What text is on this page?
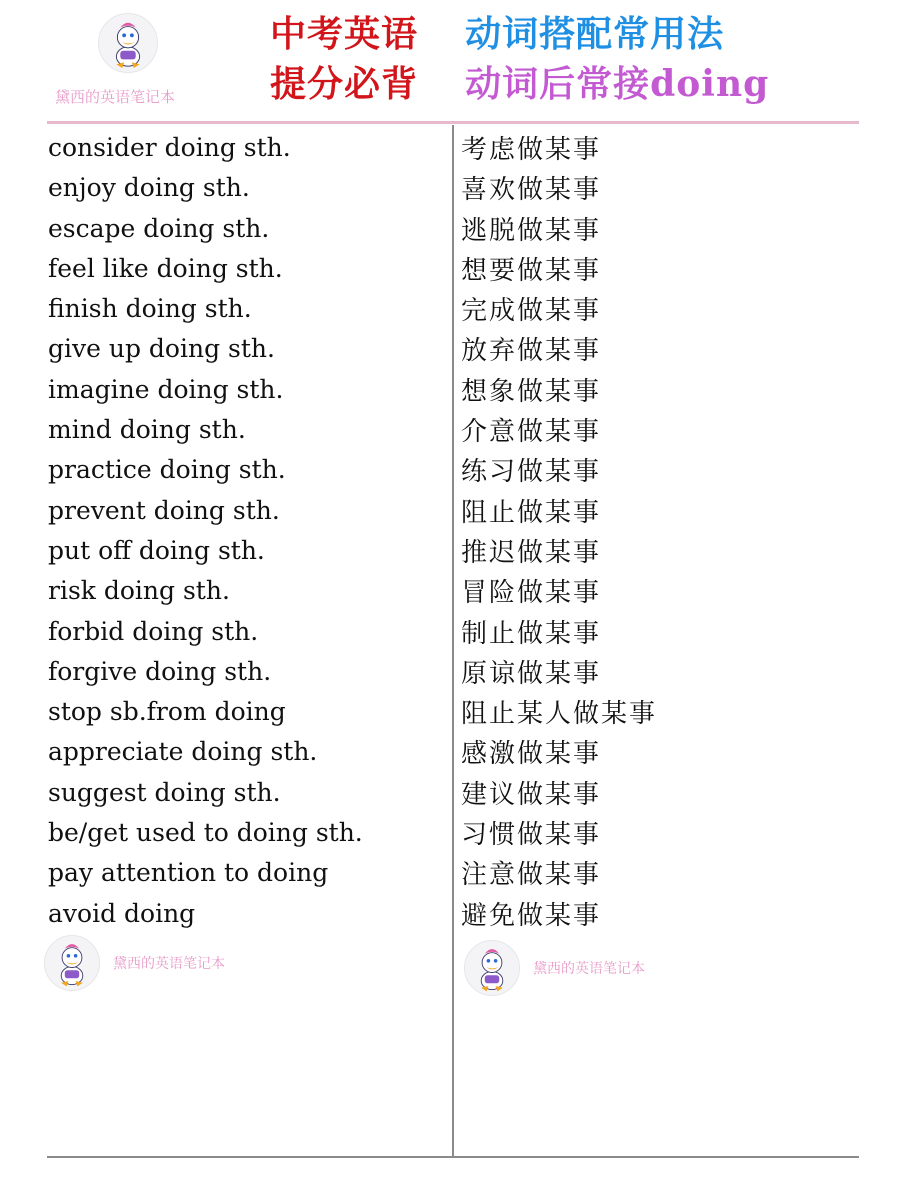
黛西的英语笔记本
中考英语 动词搭配常用法
提分必背 动词后常接doing
consider doing sth.
enjoy doing sth.
escape doing sth.
feel like doing sth.
finish doing sth.
give up doing sth.
imagine doing sth.
mind doing sth.
practice doing sth.
prevent doing sth.
put off doing sth.
risk doing sth.
forbid doing sth.
forgive doing sth.
stop sb.from doing
appreciate doing sth.
suggest doing sth.
be/get used to doing sth.
pay attention to doing
avoid doing
考虑做某事
喜欢做某事
逃脱做某事
想要做某事
完成做某事
放弃做某事
想象做某事
介意做某事
练习做某事
阻止做某事
推迟做某事
冒险做某事
制止做某事
原谅做某事
阻止某人做某事
感激做某事
建议做某事
习惯做某事
注意做某事
避免做某事
黛西的英语笔记本	黛西的英语笔记本
